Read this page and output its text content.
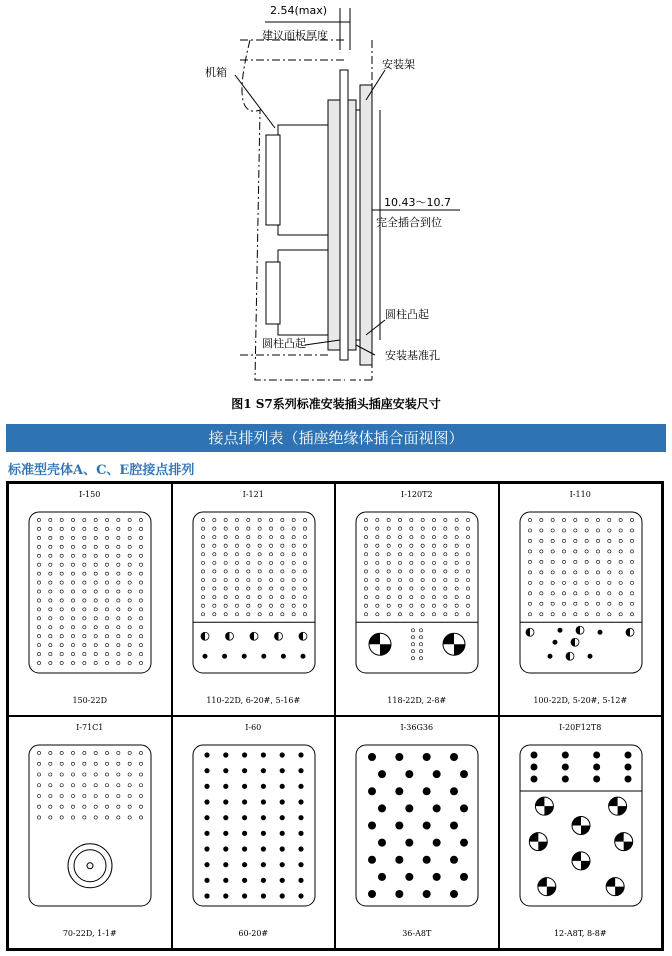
2.54(max)
建议面板厚度
机箱
安装架
10.43～10.7
完全插合到位
圆柱凸起
圆柱凸起
安装基准孔
图1 S7系列标准安装插头插座安装尺寸
接点排列表（插座绝缘体插合面视图）
标准型壳体A、C、E腔接点排列
I-150
150-22D
I-121
110-22D, 6-20#, 5-16#
I-120T2
118-22D, 2-8#
I-110
100-22D, 5-20#, 5-12#
I-71C1
70-22D, 1-1#
I-60
60-20#
I-36G36
36-A8T
I-20F12T8
12-A8T, 8-8#
